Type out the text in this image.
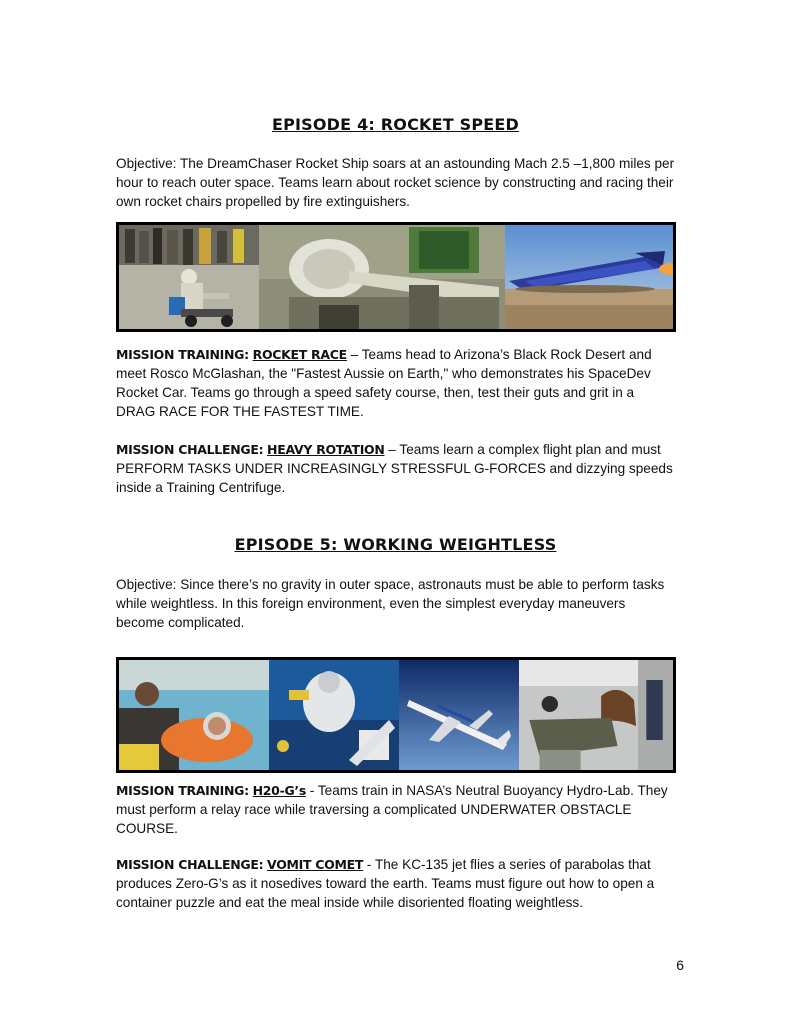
EPISODE 4: ROCKET SPEED
Objective: The DreamChaser Rocket Ship soars at an astounding Mach 2.5 –1,800 miles per hour to reach outer space. Teams learn about rocket science by constructing and racing their own rocket chairs propelled by fire extinguishers.
MISSION TRAINING: ROCKET RACE – Teams head to Arizona’s Black Rock Desert and meet Rosco McGlashan, the "Fastest Aussie on Earth," who demonstrates his SpaceDev Rocket Car. Teams go through a speed safety course, then, test their guts and grit in a DRAG RACE FOR THE FASTEST TIME.
MISSION CHALLENGE: HEAVY ROTATION – Teams learn a complex flight plan and must PERFORM TASKS UNDER INCREASINGLY STRESSFUL G-FORCES and dizzying speeds inside a Training Centrifuge.
EPISODE 5: WORKING WEIGHTLESS
Objective: Since there’s no gravity in outer space, astronauts must be able to perform tasks while weightless. In this foreign environment, even the simplest everyday maneuvers become complicated.
MISSION TRAINING: H20-G’s - Teams train in NASA’s Neutral Buoyancy Hydro-Lab. They must perform a relay race while traversing a complicated UNDERWATER OBSTACLE COURSE.
MISSION CHALLENGE: VOMIT COMET - The KC-135 jet flies a series of parabolas that produces Zero-G’s as it nosedives toward the earth. Teams must figure out how to open a container puzzle and eat the meal inside while disoriented floating weightless.
6
